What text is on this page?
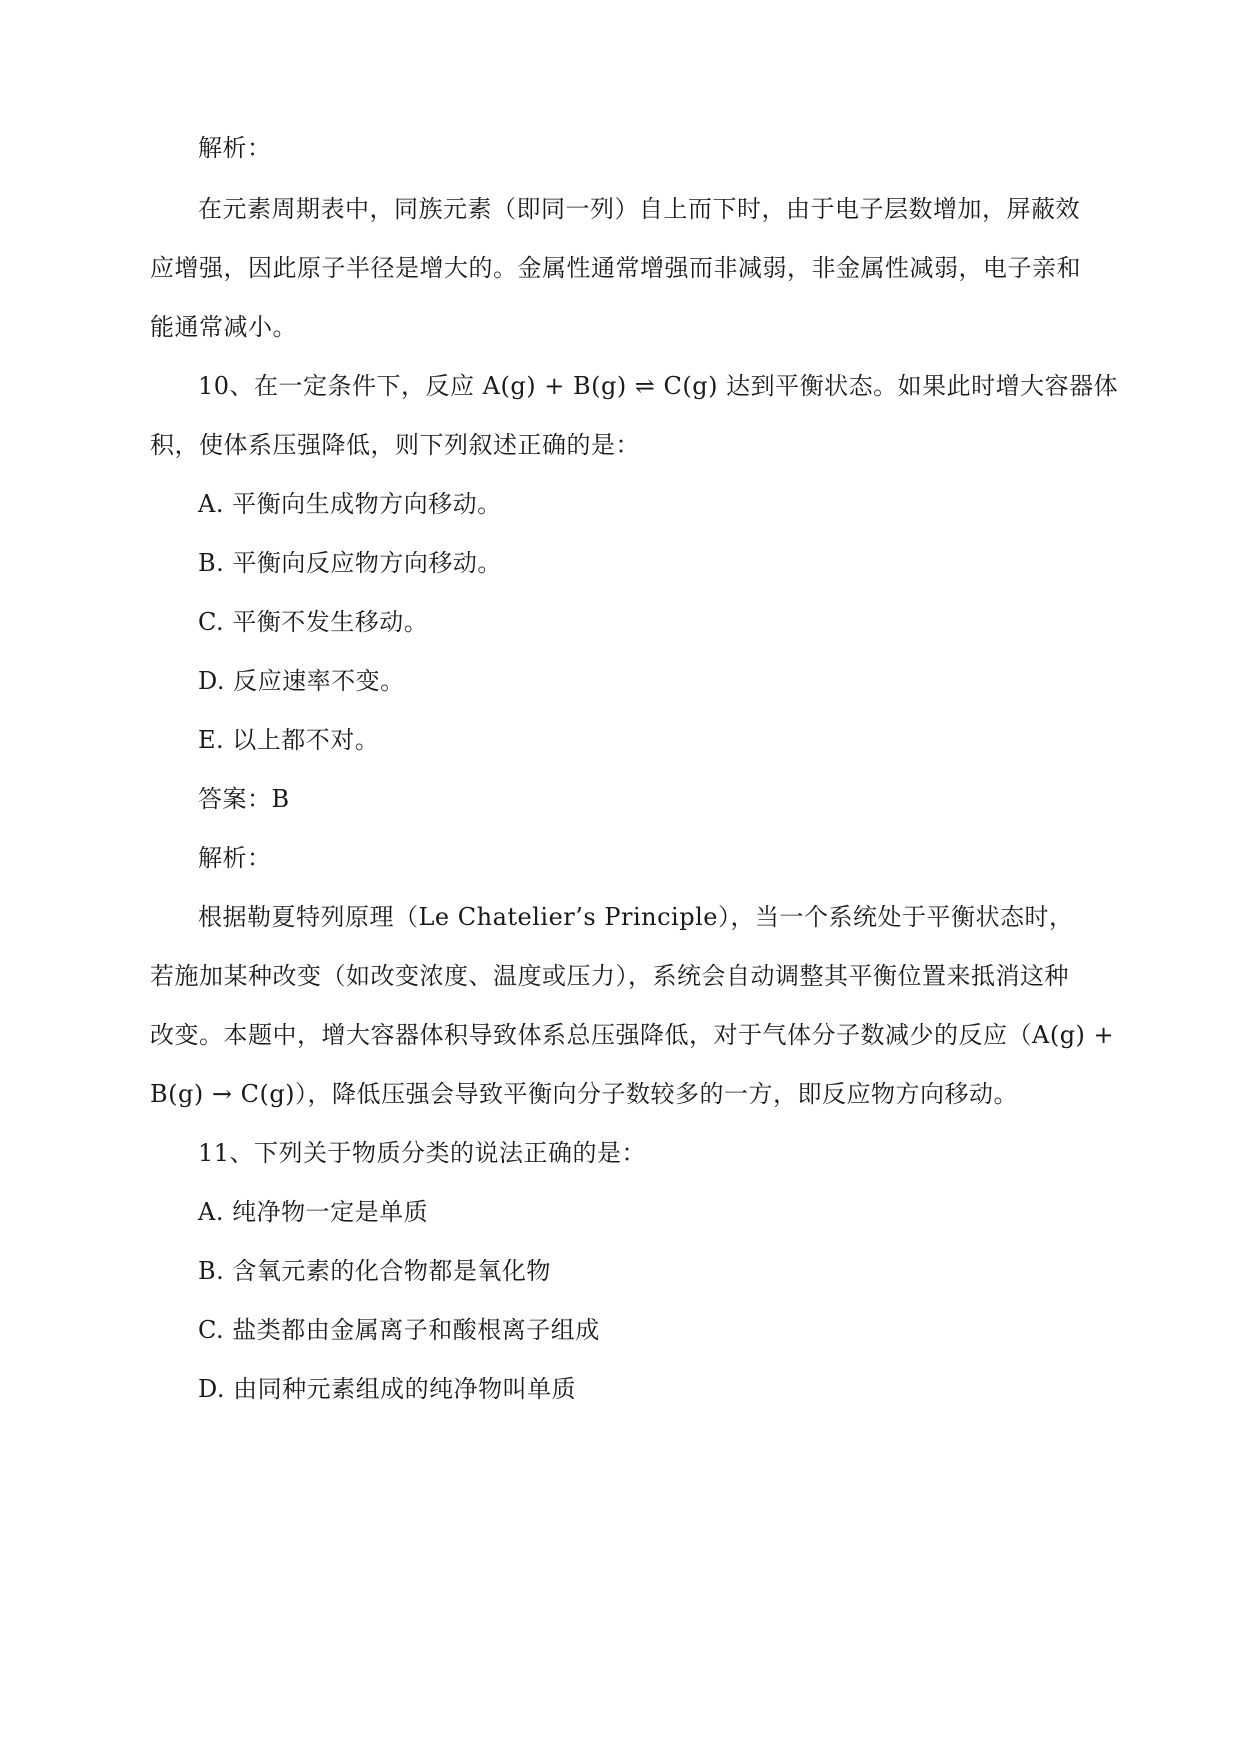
解析：
在元素周期表中，同族元素（即同一列）自上而下时，由于电子层数增加，屏蔽效
应增强，因此原子半径是增大的。金属性通常增强而非减弱，非金属性减弱，电子亲和
能通常减小。
10、在一定条件下，反应 A(g) + B(g) ⇌ C(g) 达到平衡状态。如果此时增大容器体
积，使体系压强降低，则下列叙述正确的是：
A. 平衡向生成物方向移动。
B. 平衡向反应物方向移动。
C. 平衡不发生移动。
D. 反应速率不变。
E. 以上都不对。
答案：B
解析：
根据勒夏特列原理（Le Chatelier’s Principle），当一个系统处于平衡状态时，
若施加某种改变（如改变浓度、温度或压力），系统会自动调整其平衡位置来抵消这种
改变。本题中，增大容器体积导致体系总压强降低，对于气体分子数减少的反应（A(g) +
B(g) → C(g)），降低压强会导致平衡向分子数较多的一方，即反应物方向移动。
11、下列关于物质分类的说法正确的是：
A. 纯净物一定是单质
B. 含氧元素的化合物都是氧化物
C. 盐类都由金属离子和酸根离子组成
D. 由同种元素组成的纯净物叫单质
